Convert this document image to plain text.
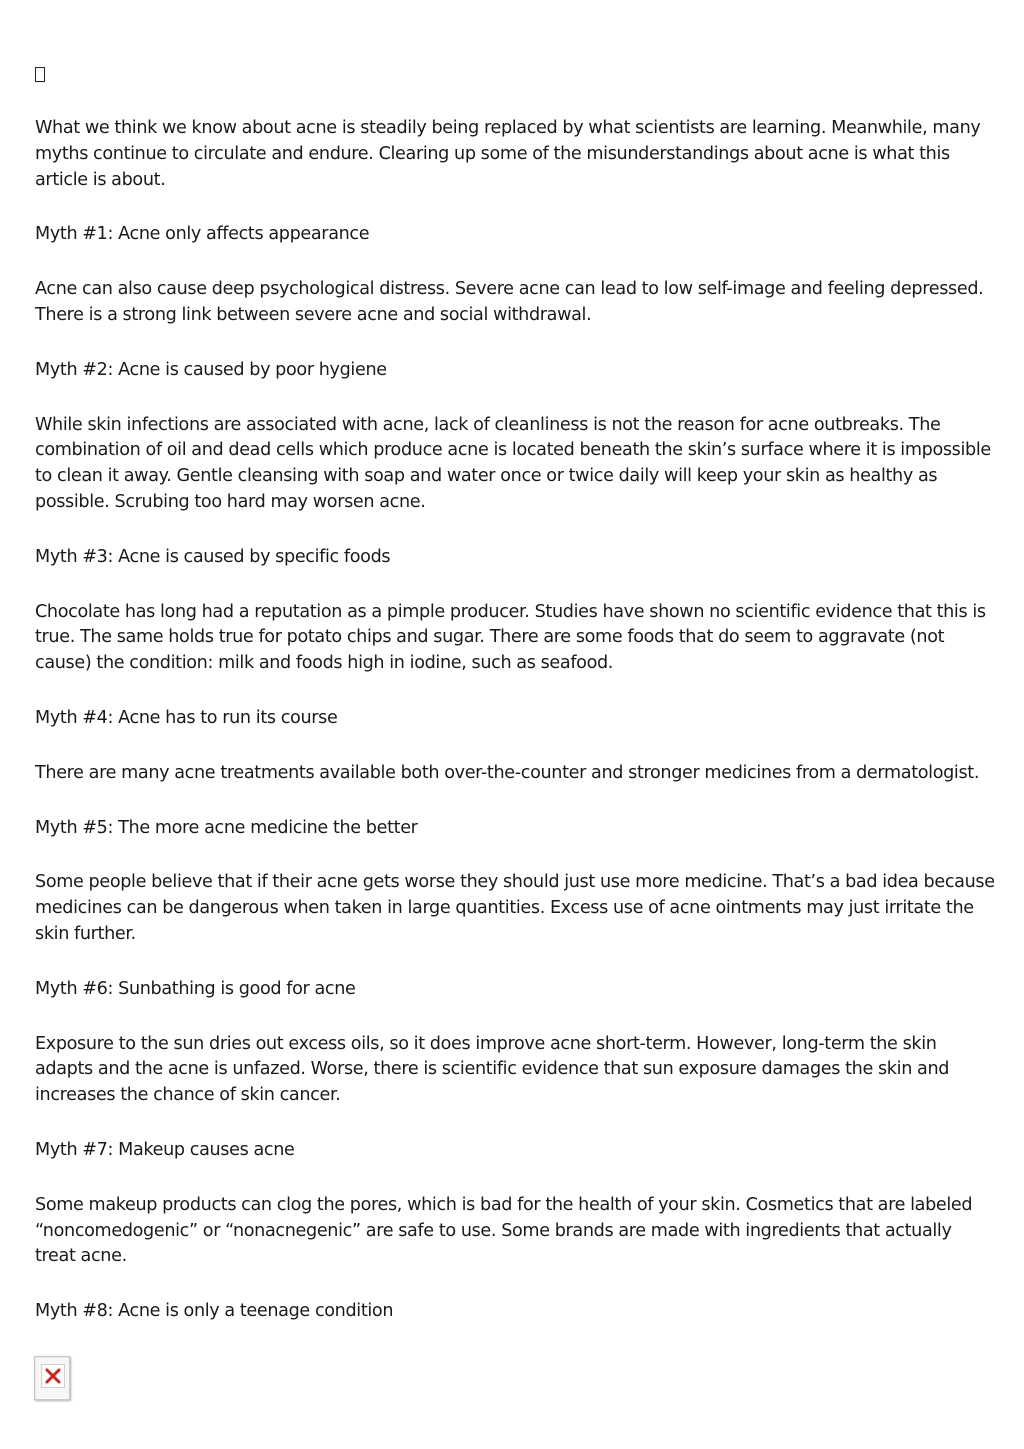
What we think we know about acne is steadily being replaced by what scientists are learning. Meanwhile, many myths continue to circulate and endure. Clearing up some of the misunderstandings about acne is what this article is about.

Myth #1: Acne only affects appearance

Acne can also cause deep psychological distress. Severe acne can lead to low self-image and feeling depressed. There is a strong link between severe acne and social withdrawal.

Myth #2: Acne is caused by poor hygiene

While skin infections are associated with acne, lack of cleanliness is not the reason for acne outbreaks. The combination of oil and dead cells which produce acne is located beneath the skin’s surface where it is impossible to clean it away. Gentle cleansing with soap and water once or twice daily will keep your skin as healthy as possible. Scrubing too hard may worsen acne.

Myth #3: Acne is caused by specific foods

Chocolate has long had a reputation as a pimple producer. Studies have shown no scientific evidence that this is true. The same holds true for potato chips and sugar. There are some foods that do seem to aggravate (not cause) the condition: milk and foods high in iodine, such as seafood.

Myth #4: Acne has to run its course

There are many acne treatments available both over-the-counter and stronger medicines from a dermatologist.

Myth #5: The more acne medicine the better

Some people believe that if their acne gets worse they should just use more medicine. That’s a bad idea because medicines can be dangerous when taken in large quantities. Excess use of acne ointments may just irritate the skin further.

Myth #6: Sunbathing is good for acne

Exposure to the sun dries out excess oils, so it does improve acne short-term. However, long-term the skin adapts and the acne is unfazed. Worse, there is scientific evidence that sun exposure damages the skin and increases the chance of skin cancer.

Myth #7: Makeup causes acne

Some makeup products can clog the pores, which is bad for the health of your skin. Cosmetics that are labeled “noncomedogenic” or “nonacnegenic” are safe to use. Some brands are made with ingredients that actually treat acne.

Myth #8: Acne is only a teenage condition
